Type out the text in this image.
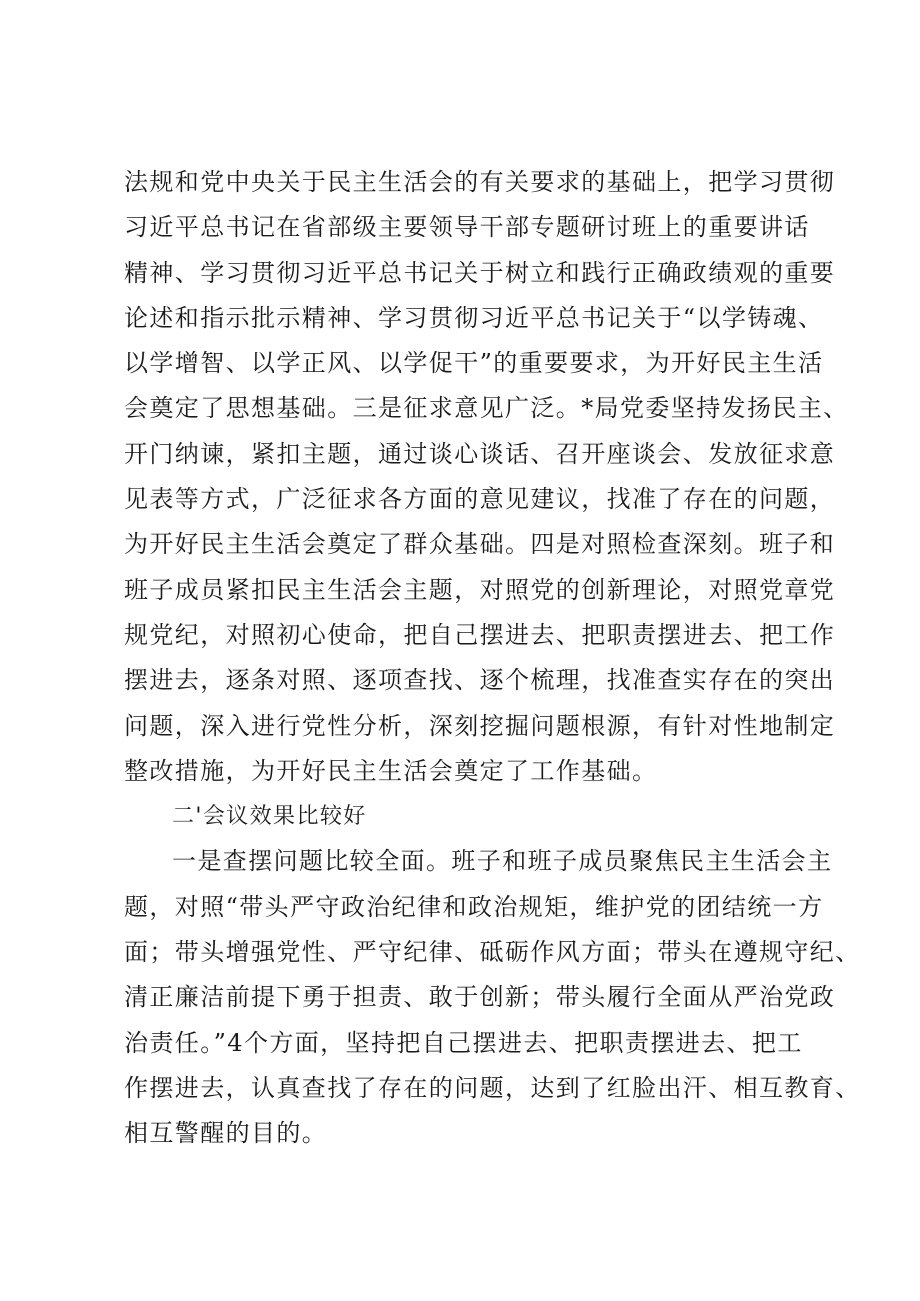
法规和党中央关于民主生活会的有关要求的基础上，把学习贯彻
习近平总书记在省部级主要领导干部专题研讨班上的重要讲话
精神、学习贯彻习近平总书记关于树立和践行正确政绩观的重要
论述和指示批示精神、学习贯彻习近平总书记关于“以学铸魂、
以学增智、以学正风、以学促干”的重要要求，为开好民主生活
会奠定了思想基础。三是征求意见广泛。*局党委坚持发扬民主、
开门纳谏，紧扣主题，通过谈心谈话、召开座谈会、发放征求意
见表等方式，广泛征求各方面的意见建议，找准了存在的问题，
为开好民主生活会奠定了群众基础。四是对照检查深刻。班子和
班子成员紧扣民主生活会主题，对照党的创新理论，对照党章党
规党纪，对照初心使命，把自己摆进去、把职责摆进去、把工作
摆进去，逐条对照、逐项查找、逐个梳理，找准查实存在的突出
问题，深入进行党性分析，深刻挖掘问题根源，有针对性地制定
整改措施，为开好民主生活会奠定了工作基础。
二'会议效果比较好
一是查摆问题比较全面。班子和班子成员聚焦民主生活会主
题，对照“带头严守政治纪律和政治规矩，维护党的团结统一方
面；带头增强党性、严守纪律、砥砺作风方面；带头在遵规守纪、
清正廉洁前提下勇于担责、敢于创新；带头履行全面从严治党政
治责任。”4个方面，坚持把自己摆进去、把职责摆进去、把工
作摆进去，认真查找了存在的问题，达到了红脸出汗、相互教育、
相互警醒的目的。
